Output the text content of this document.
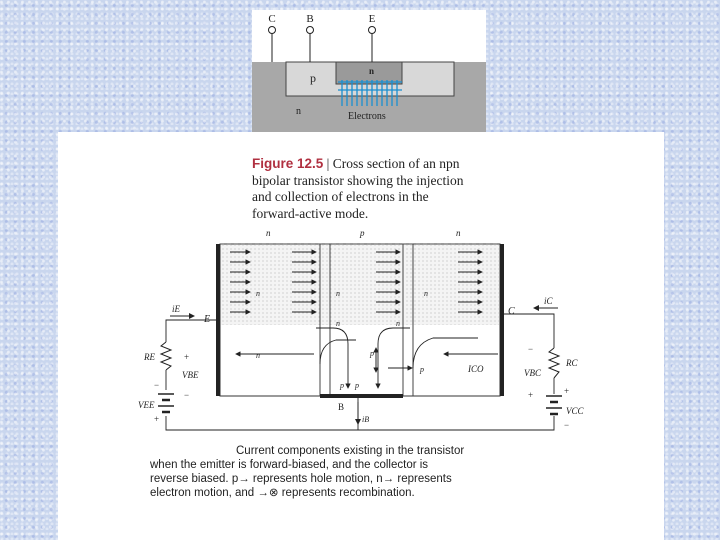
C	B	E
p	n
n	Electrons
Figure 12.5 | Cross section of an npn
bipolar transistor showing the injection
and collection of electrons in the
forward-active mode.
n	p	n
n	n	n
n
n	n
p
p p
p	ICO
E
C
B
iE
iC
iB
RE
RC
VBE	VBC
VEE
VCC
+
−
−
+
−
+
+
−
Current components existing in the transistor
when the emitter is forward-biased, and the collector is
reverse biased. p→ represents hole motion, n→ represents
electron motion, and →⊗ represents recombination.
